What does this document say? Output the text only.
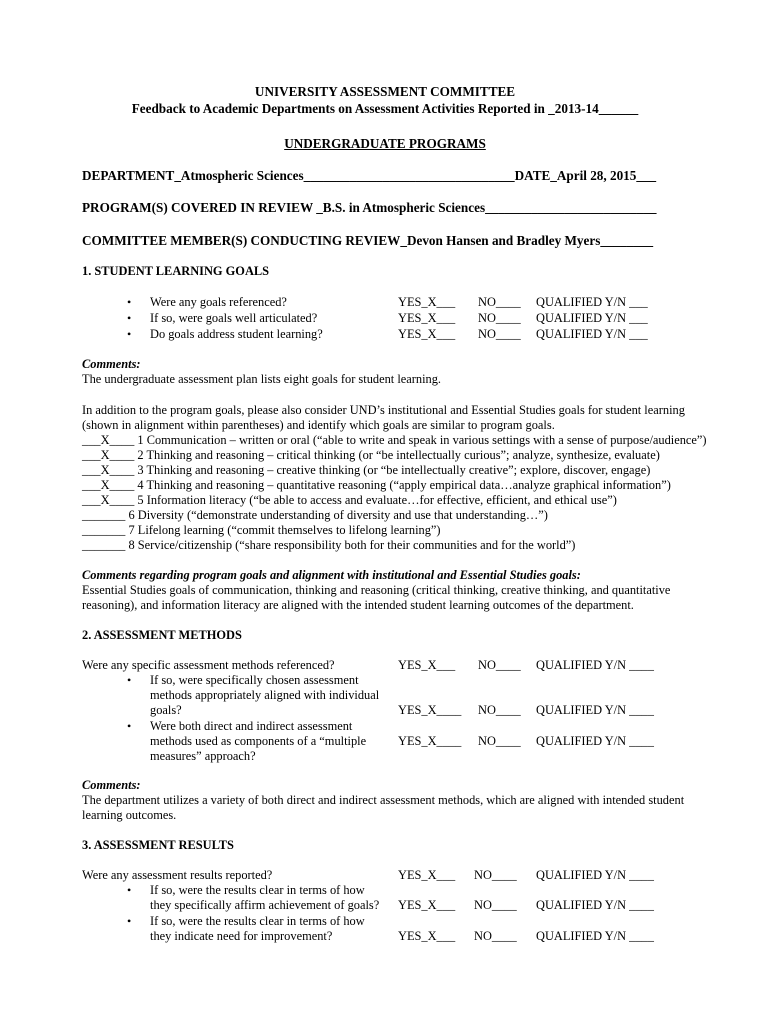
UNIVERSITY ASSESSMENT COMMITTEE
Feedback to Academic Departments on Assessment Activities Reported in _2013-14______
UNDERGRADUATE PROGRAMS
DEPARTMENT_Atmospheric Sciences________________________________DATE_April 28, 2015___
PROGRAM(S) COVERED IN REVIEW _B.S. in Atmospheric Sciences__________________________
COMMITTEE MEMBER(S) CONDUCTING REVIEW_Devon Hansen and Bradley Myers________
1. STUDENT LEARNING GOALS
• Were any goals referenced?	YES_X___ NO____ QUALIFIED Y/N ___
• If so, were goals well articulated?	YES_X___ NO____ QUALIFIED Y/N ___
• Do goals address student learning?	YES_X___ NO____ QUALIFIED Y/N ___
Comments:
The undergraduate assessment plan lists eight goals for student learning.
In addition to the program goals, please also consider UND’s institutional and Essential Studies goals for student learning
(shown in alignment within parentheses) and identify which goals are similar to program goals.
___X____ 1 Communication – written or oral (“able to write and speak in various settings with a sense of purpose/audience”)
___X____ 2 Thinking and reasoning – critical thinking (or “be intellectually curious”; analyze, synthesize, evaluate)
___X____ 3 Thinking and reasoning – creative thinking (or “be intellectually creative”; explore, discover, engage)
___X____ 4 Thinking and reasoning – quantitative reasoning (“apply empirical data…analyze graphical information”)
___X____ 5 Information literacy (“be able to access and evaluate…for effective, efficient, and ethical use”)
_______ 6 Diversity (“demonstrate understanding of diversity and use that understanding…”)
_______ 7 Lifelong learning (“commit themselves to lifelong learning”)
_______ 8 Service/citizenship (“share responsibility both for their communities and for the world”)
Comments regarding program goals and alignment with institutional and Essential Studies goals:
Essential Studies goals of communication, thinking and reasoning (critical thinking, creative thinking, and quantitative
reasoning), and information literacy are aligned with the intended student learning outcomes of the department.
2. ASSESSMENT METHODS
Were any specific assessment methods referenced?	YES_X___ NO____ QUALIFIED Y/N ____
• If so, were specifically chosen assessment
methods appropriately aligned with individual
goals?	YES_X____ NO____ QUALIFIED Y/N ____
• Were both direct and indirect assessment
methods used as components of a “multiple
measures” approach?
YES_X____ NO____ QUALIFIED Y/N ____
Comments:
The department utilizes a variety of both direct and indirect assessment methods, which are aligned with intended student
learning outcomes.
3. ASSESSMENT RESULTS
Were any assessment results reported?	YES_X___ NO____ QUALIFIED Y/N ____
• If so, were the results clear in terms of how
they specifically affirm achievement of goals? YES_X___ NO____ QUALIFIED Y/N ____
• If so, were the results clear in terms of how
they indicate need for improvement?	YES_X___ NO____ QUALIFIED Y/N ____
